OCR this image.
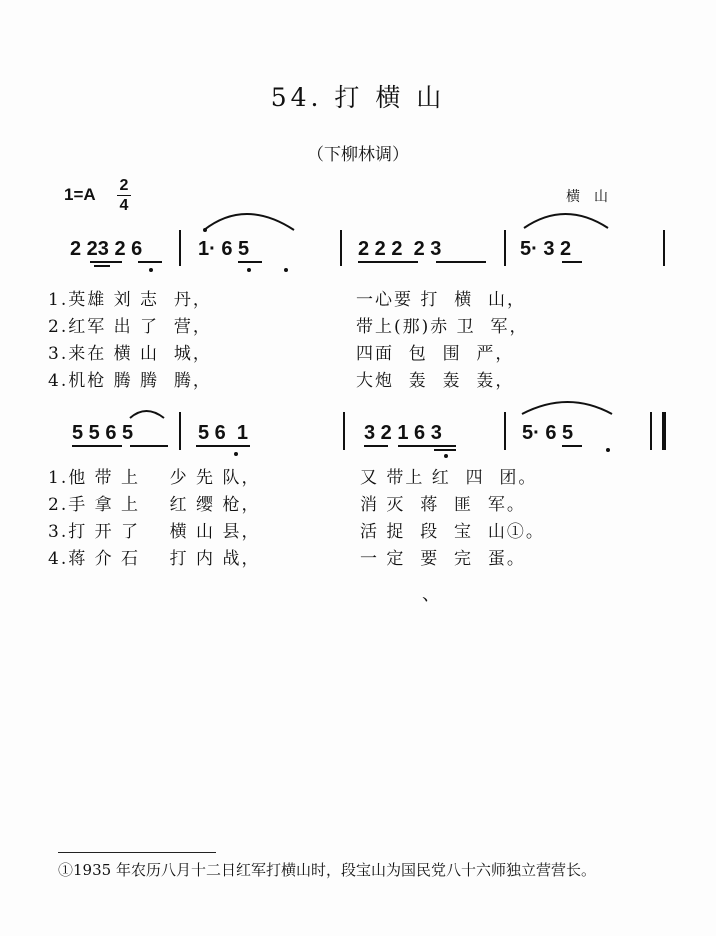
54. 打 横 山
（下柳林调）
1=A 2
4	横山
2 23 2 6	1· 6 5	2 2 2  2 3	5· 3 2
1.英雄 刘 志  丹，	一心要 打  横  山，
2.红军 出 了  营，	带上(那)赤 卫  军，
3.来在 横 山  城，	四面  包  围  严，
4.机枪 腾 腾  腾，	大炮  轰  轰  轰，
5 5 6 5	5 6  1	3 2 1 6 3	5· 6 5
1.他 带 上    少 先 队，	又 带上 红  四  团。
2.手 拿 上    红 缨 枪，	消 灭  蒋  匪  军。
3.打 开 了    横 山 县，	活 捉  段  宝  山①。
4.蒋 介 石    打 内 战，	一 定  要  完  蛋。
、
①1935 年农历八月十二日红军打横山时，段宝山为国民党八十六师独立营营长。
